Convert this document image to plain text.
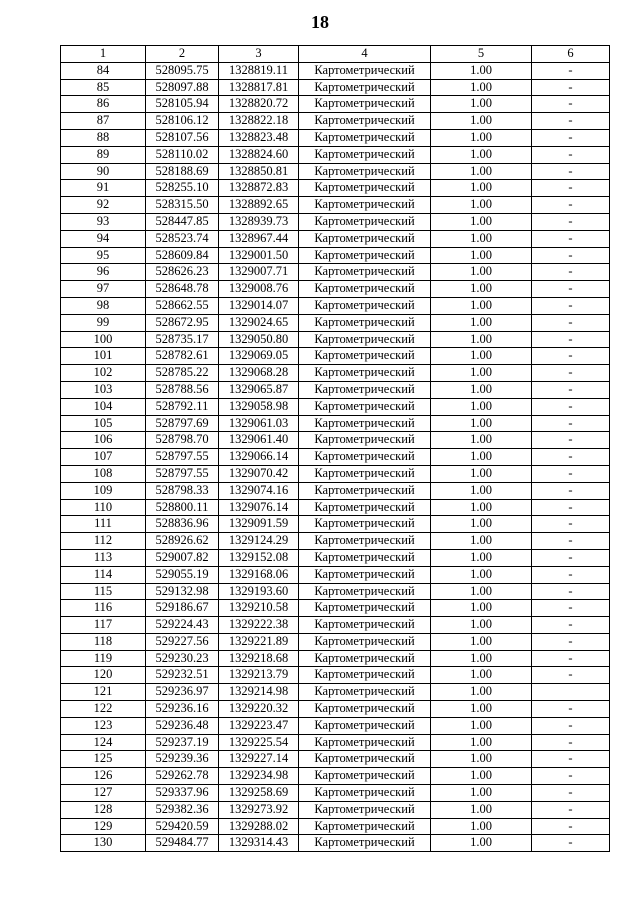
18
1	2	3	4	5	6
84	528095.75	1328819.11	Картометрический	1.00	-
85	528097.88	1328817.81	Картометрический	1.00	-
86	528105.94	1328820.72	Картометрический	1.00	-
87	528106.12	1328822.18	Картометрический	1.00	-
88	528107.56	1328823.48	Картометрический	1.00	-
89	528110.02	1328824.60	Картометрический	1.00	-
90	528188.69	1328850.81	Картометрический	1.00	-
91	528255.10	1328872.83	Картометрический	1.00	-
92	528315.50	1328892.65	Картометрический	1.00	-
93	528447.85	1328939.73	Картометрический	1.00	-
94	528523.74	1328967.44	Картометрический	1.00	-
95	528609.84	1329001.50	Картометрический	1.00	-
96	528626.23	1329007.71	Картометрический	1.00	-
97	528648.78	1329008.76	Картометрический	1.00	-
98	528662.55	1329014.07	Картометрический	1.00	-
99	528672.95	1329024.65	Картометрический	1.00	-
100	528735.17	1329050.80	Картометрический	1.00	-
101	528782.61	1329069.05	Картометрический	1.00	-
102	528785.22	1329068.28	Картометрический	1.00	-
103	528788.56	1329065.87	Картометрический	1.00	-
104	528792.11	1329058.98	Картометрический	1.00	-
105	528797.69	1329061.03	Картометрический	1.00	-
106	528798.70	1329061.40	Картометрический	1.00	-
107	528797.55	1329066.14	Картометрический	1.00	-
108	528797.55	1329070.42	Картометрический	1.00	-
109	528798.33	1329074.16	Картометрический	1.00	-
110	528800.11	1329076.14	Картометрический	1.00	-
111	528836.96	1329091.59	Картометрический	1.00	-
112	528926.62	1329124.29	Картометрический	1.00	-
113	529007.82	1329152.08	Картометрический	1.00	-
114	529055.19	1329168.06	Картометрический	1.00	-
115	529132.98	1329193.60	Картометрический	1.00	-
116	529186.67	1329210.58	Картометрический	1.00	-
117	529224.43	1329222.38	Картометрический	1.00	-
118	529227.56	1329221.89	Картометрический	1.00	-
119	529230.23	1329218.68	Картометрический	1.00	-
120	529232.51	1329213.79	Картометрический	1.00	-
121	529236.97	1329214.98	Картометрический	1.00	
122	529236.16	1329220.32	Картометрический	1.00	-
123	529236.48	1329223.47	Картометрический	1.00	-
124	529237.19	1329225.54	Картометрический	1.00	-
125	529239.36	1329227.14	Картометрический	1.00	-
126	529262.78	1329234.98	Картометрический	1.00	-
127	529337.96	1329258.69	Картометрический	1.00	-
128	529382.36	1329273.92	Картометрический	1.00	-
129	529420.59	1329288.02	Картометрический	1.00	-
130	529484.77	1329314.43	Картометрический	1.00	-
